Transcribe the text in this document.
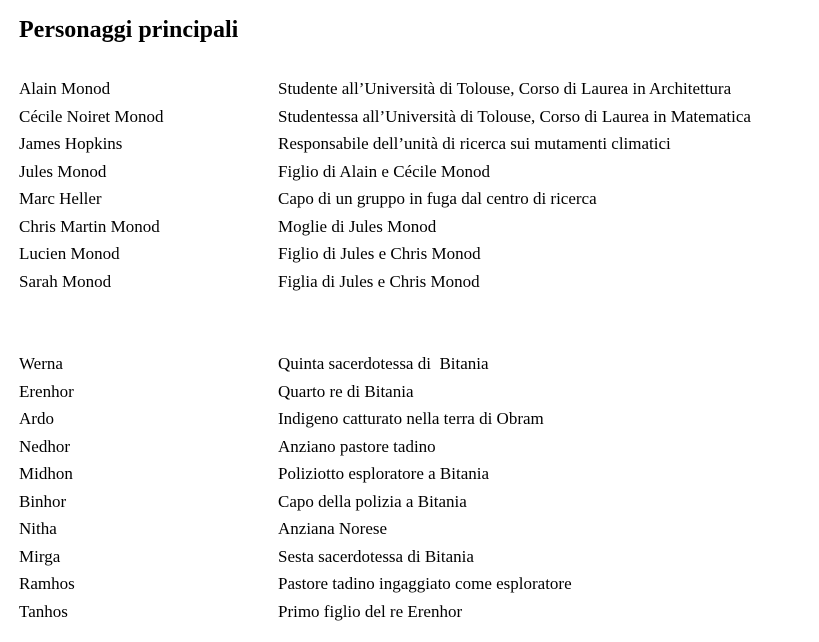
Personaggi principali
Alain Monod	Studente all’Università di Tolouse, Corso di Laurea in Architettura
Cécile Noiret Monod	Studentessa all’Università di Tolouse, Corso di Laurea in Matematica
James Hopkins	Responsabile dell’unità di ricerca sui mutamenti climatici
Jules Monod	Figlio di Alain e Cécile Monod
Marc Heller	Capo di un gruppo in fuga dal centro di ricerca
Chris Martin Monod	Moglie di Jules Monod
Lucien Monod	Figlio di Jules e Chris Monod
Sarah Monod	Figlia di Jules e Chris Monod
Werna	Quinta sacerdotessa di  Bitania
Erenhor	Quarto re di Bitania
Ardo	Indigeno catturato nella terra di Obram
Nedhor	Anziano pastore tadino
Midhon	Poliziotto esploratore a Bitania
Binhor	Capo della polizia a Bitania
Nitha	Anziana Norese
Mirga	Sesta sacerdotessa di Bitania
Ramhos	Pastore tadino ingaggiato come esploratore
Tanhos	Primo figlio del re Erenhor
